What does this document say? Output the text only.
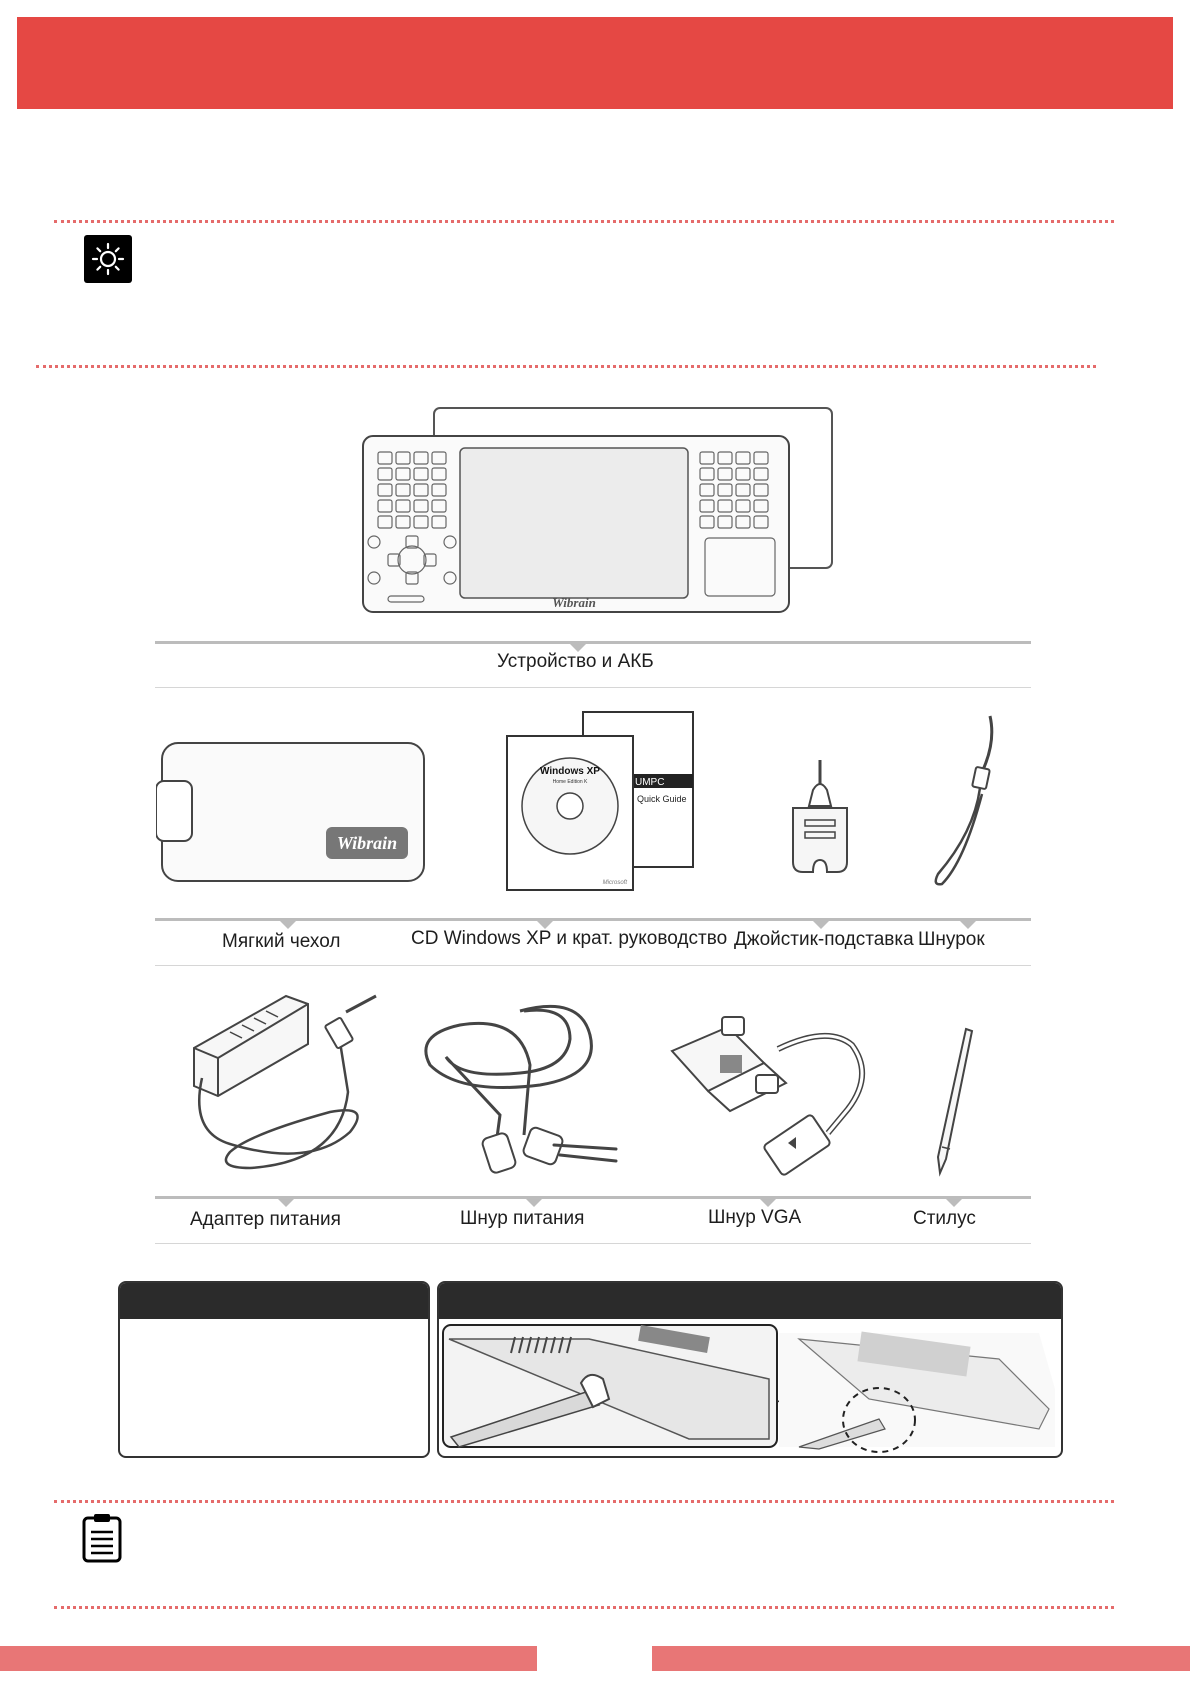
Wibrain
Устройство и АКБ
Wibrain
UMPC
Quick Guide
Windows XP
Home Edition K
Microsoft
Мягкий чехол	CD Windows XP и крат. руководство Джойстик-подставка Шнурок
Адаптер питания	Шнур питания	Шнур VGA	Стилус
